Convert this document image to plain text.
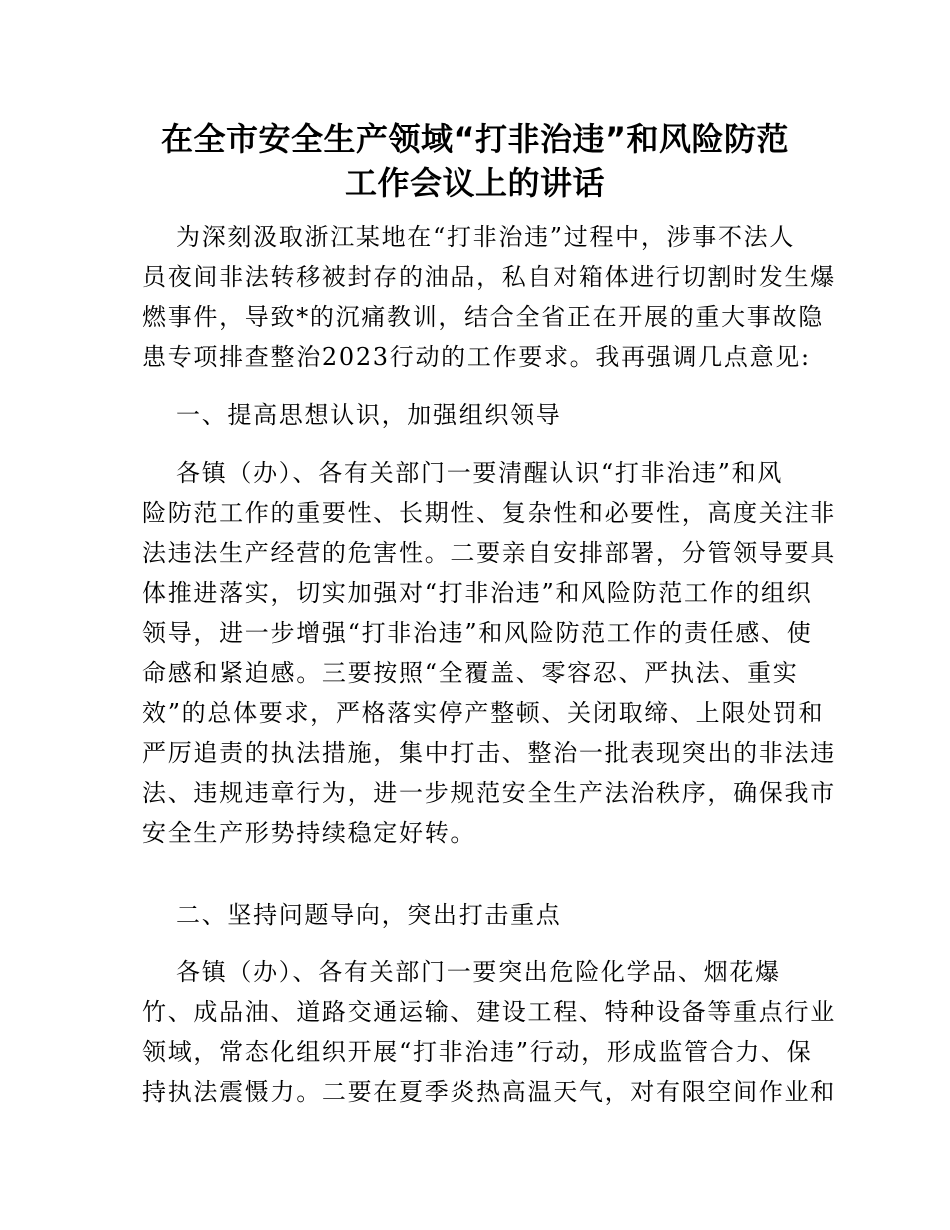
在全市安全生产领域“打非治违”和风险防范
工作会议上的讲话
为深刻汲取浙江某地在“打非治违”过程中，涉事不法人
员夜间非法转移被封存的油品，私自对箱体进行切割时发生爆
燃事件，导致*的沉痛教训，结合全省正在开展的重大事故隐
患专项排查整治2023行动的工作要求。我再强调几点意见:
一、提高思想认识，加强组织领导
各镇（办）、各有关部门一要清醒认识“打非治违”和风
险防范工作的重要性、长期性、复杂性和必要性，高度关注非
法违法生产经营的危害性。二要亲自安排部署，分管领导要具
体推进落实，切实加强对“打非治违”和风险防范工作的组织
领导，进一步增强“打非治违”和风险防范工作的责任感、使
命感和紧迫感。三要按照“全覆盖、零容忍、严执法、重实
效”的总体要求，严格落实停产整顿、关闭取缔、上限处罚和
严厉追责的执法措施，集中打击、整治一批表现突出的非法违
法、违规违章行为，进一步规范安全生产法治秩序，确保我市
安全生产形势持续稳定好转。
二、坚持问题导向，突出打击重点
各镇（办）、各有关部门一要突出危险化学品、烟花爆
竹、成品油、道路交通运输、建设工程、特种设备等重点行业
领域，常态化组织开展“打非治违”行动，形成监管合力、保
持执法震慑力。二要在夏季炎热高温天气，对有限空间作业和
